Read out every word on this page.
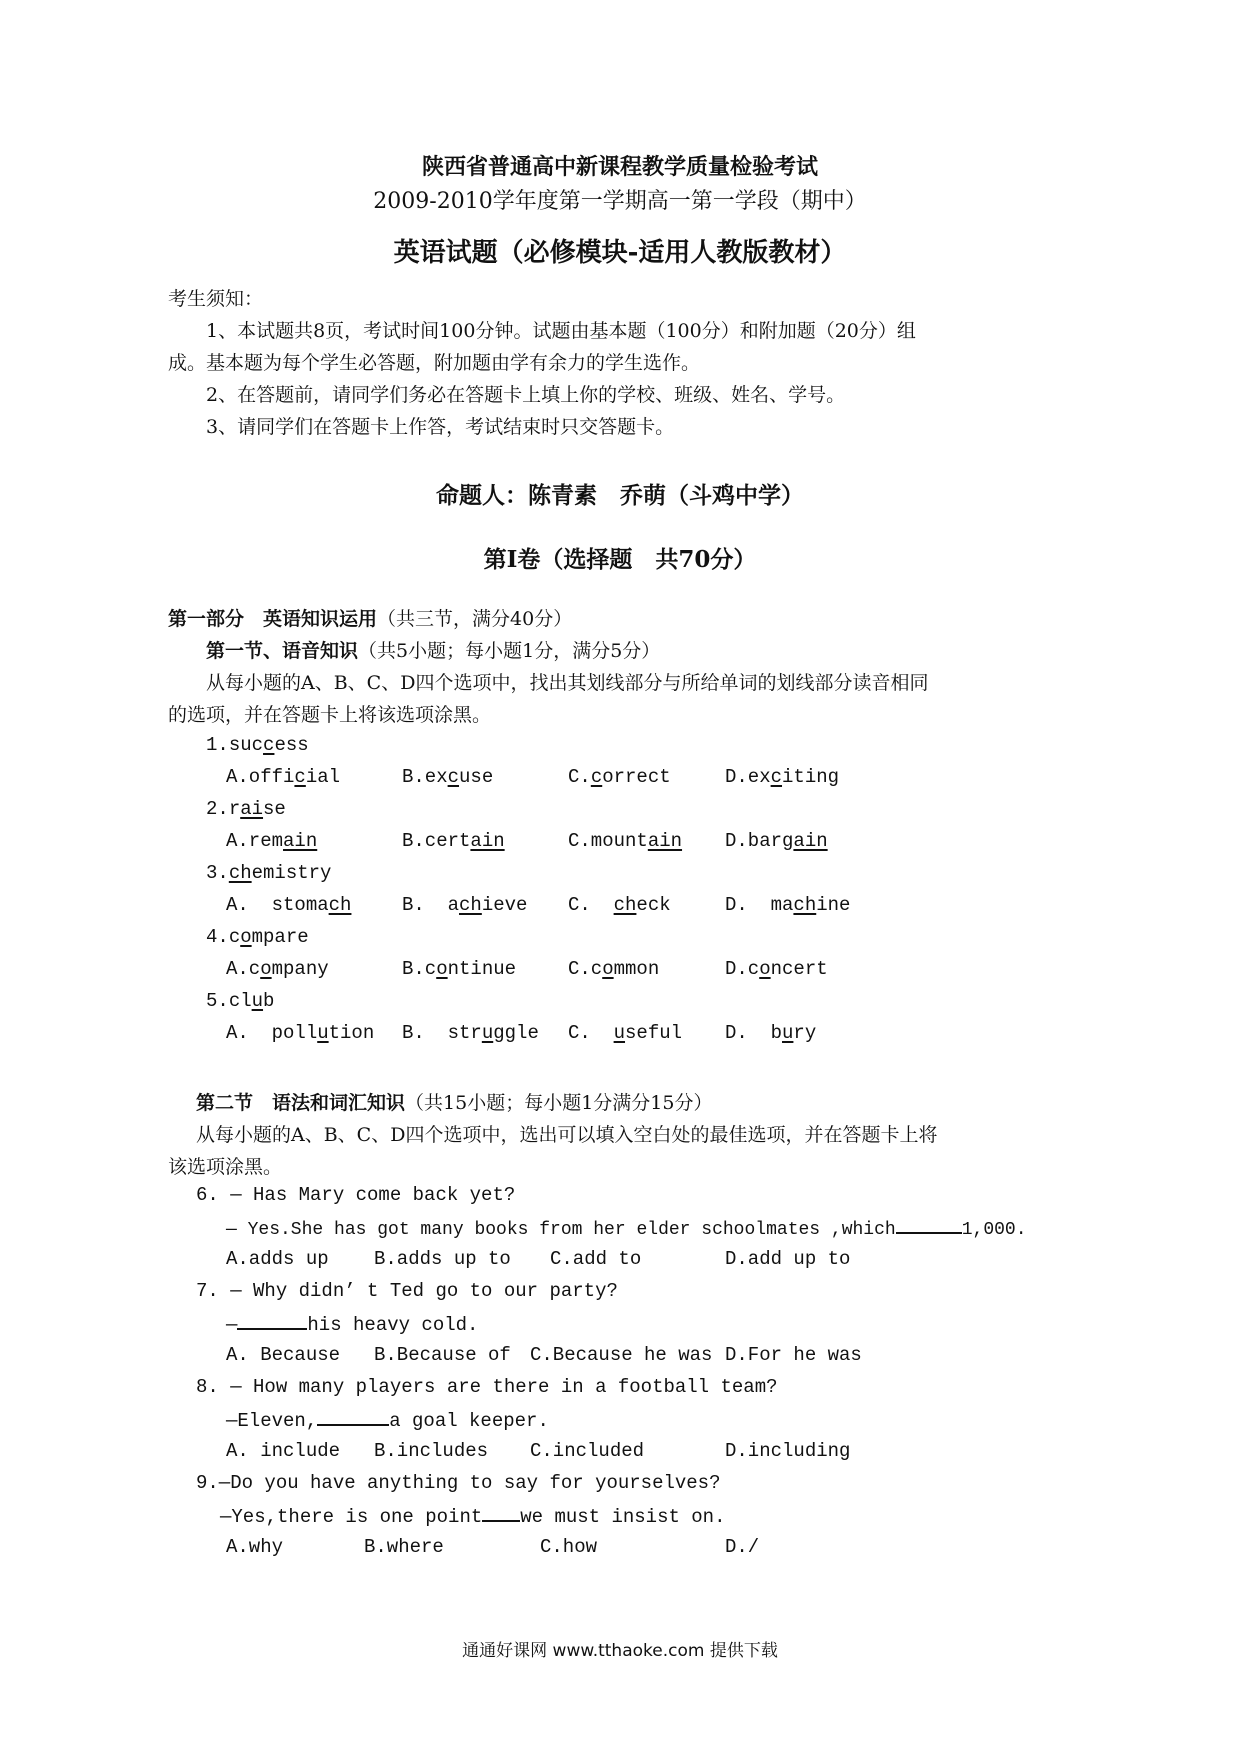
陕西省普通高中新课程教学质量检验考试
2009-2010学年度第一学期高一第一学段（期中）
英语试题（必修模块-适用人教版教材）
考生须知：
1、本试题共8页，考试时间100分钟。试题由基本题（100分）和附加题（20分）组
成。基本题为每个学生必答题，附加题由学有余力的学生选作。
2、在答题前，请同学们务必在答题卡上填上你的学校、班级、姓名、学号。
3、请同学们在答题卡上作答，考试结束时只交答题卡。
命题人：陈青素　乔萌（斗鸡中学）
第Ⅰ卷（选择题　共70分）
第一部分　英语知识运用（共三节，满分40分）
第一节、语音知识（共5小题；每小题1分，满分5分）
从每小题的A、B、C、D四个选项中，找出其划线部分与所给单词的划线部分读音相同
的选项，并在答题卡上将该选项涂黑。
1.success
A.official	B.excuse	C.correct	D.exciting
2.raise
A.remain	B.certain	C.mountain D.bargain
3.chemistry
A.  stomach	B.  achieve C.  check	D.  machine
4.compare
A.company	B.continue	C.common	D.concert
5.club
A.  pollution B.  struggle C.  useful D.  bury
第二节　语法和词汇知识（共15小题；每小题1分满分15分）
从每小题的A、B、C、D四个选项中，选出可以填入空白处的最佳选项，并在答题卡上将
该选项涂黑。
6. — Has Mary come back yet?
— Yes.She has got many books from her elder schoolmates ,which	1,000.
A.adds up B.adds up to C.add to	D.add up to
7. — Why didn’ t Ted go to our party?
—	his heavy cold.
A. Because B.Because of C.Because he was D.For he was
8. — How many players are there in a football team?
—Eleven,	a goal keeper.
A. include B.includes C.included	D.including
9.—Do you have anything to say for yourselves?
—Yes,there is one point we must insist on.
A.why	B.where	C.how	D./
通通好课网 www.tthaoke.com 提供下载
